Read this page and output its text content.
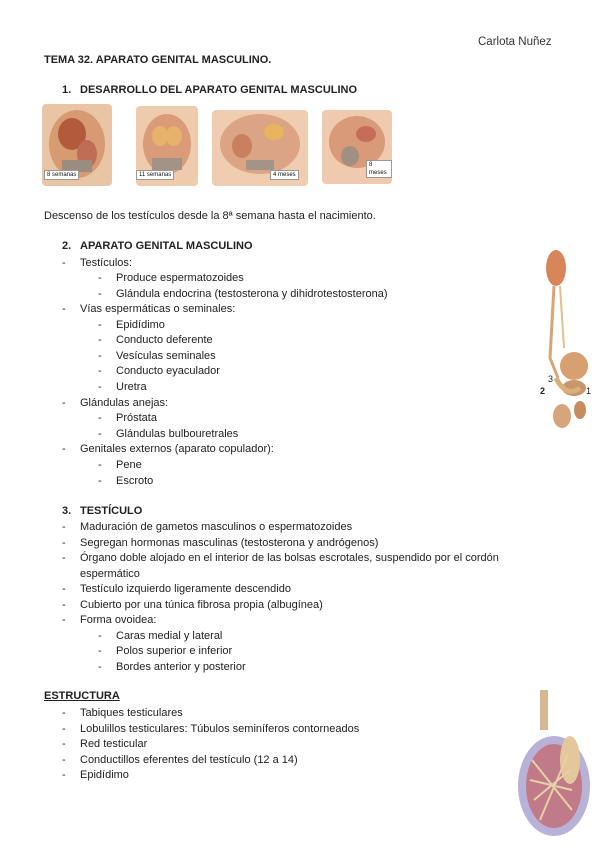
Carlota Nuñez
TEMA 32. APARATO GENITAL MASCULINO.
1. DESARROLLO DEL APARATO GENITAL MASCULINO
8 semanas	11 semanas	4 meses
8 meses
Descenso de los testículos desde la 8ª semana hasta el nacimiento.
2. APARATO GENITAL MASCULINO
- Testículos:
- Produce espermatozoides
- Glándula endocrina (testosterona y dihidrotestosterona)
- Vías espermáticas o seminales:
- Epidídimo
- Conducto deferente
- Vesículas seminales
- Conducto eyaculador
- Uretra
- Glándulas anejas:
- Próstata
- Glándulas bulbouretrales
- Genitales externos (aparato copulador):
- Pene
- Escroto
2
3
1
3. TESTÍCULO
- Maduración de gametos masculinos o espermatozoides
- Segregan hormonas masculinas (testosterona y andrógenos)
- Órgano doble alojado en el interior de las bolsas escrotales, suspendido por el cordón
espermático
- Testículo izquierdo ligeramente descendido
- Cubierto por una túnica fibrosa propia (albugínea)
- Forma ovoidea:
- Caras medial y lateral
- Polos superior e inferior
- Bordes anterior y posterior
ESTRUCTURA
- Tabiques testiculares
- Lobulillos testiculares: Túbulos seminíferos contorneados
- Red testicular
- Conductillos eferentes del testículo (12 a 14)
- Epidídimo
